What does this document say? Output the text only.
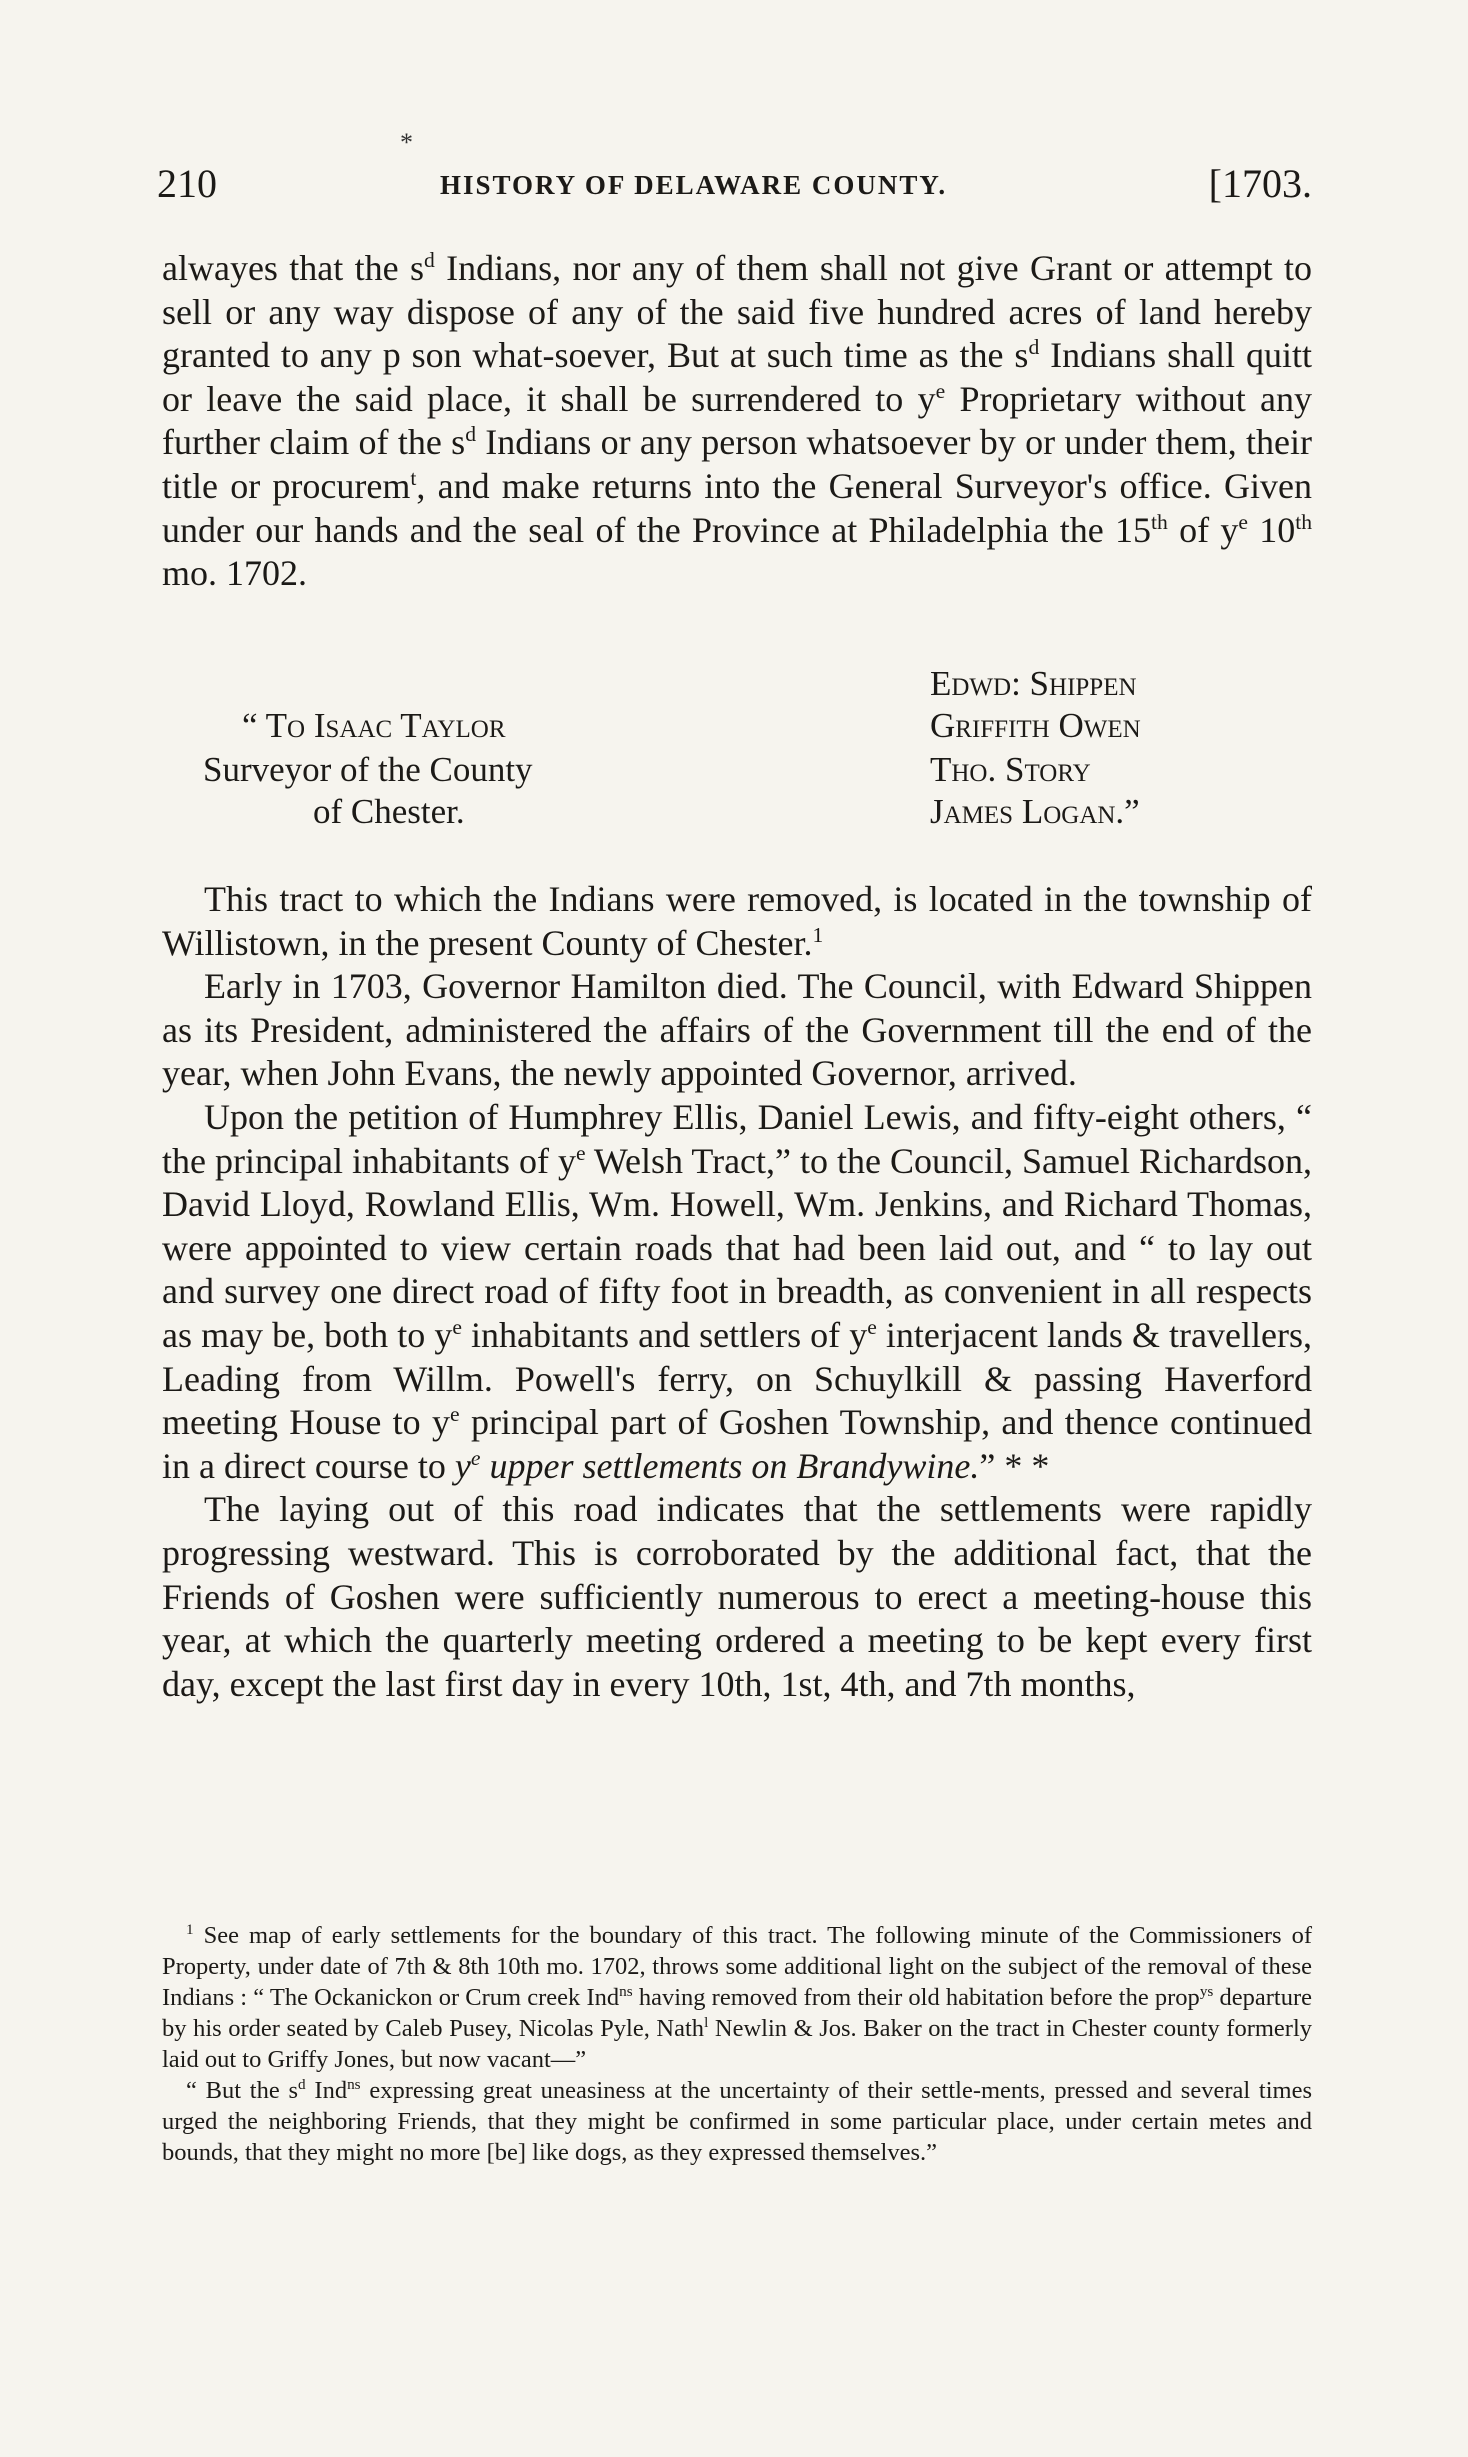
*
210	HISTORY OF DELAWARE COUNTY.	[1703.

alwayes that the $s^d$ Indians, nor any of them shall not give Grant or attempt to sell or any way dispose of any of the said five hundred acres of land hereby granted to any p son what-soever, But at such time as the $s^d$ Indians shall quitt or leave the said place, it shall be surrendered to $y^e$ Proprietary without any further claim of the $s^d$ Indians or any person whatsoever by or under them, their title or procurem$^t$, and make returns into the General Surveyor's office. Given under our hands and the seal of the Province at Philadelphia the 15th of $y^e$ 10th mo. 1702.

“ To Isaac Taylor
Surveyor of the County
of Chester.
Edwd: Shippen
Griffith Owen
Tho. Story
James Logan.”

This tract to which the Indians were removed, is located in the township of Willistown, in the present County of Chester.$^1$

Early in 1703, Governor Hamilton died. The Council, with Edward Shippen as its President, administered the affairs of the Government till the end of the year, when John Evans, the newly appointed Governor, arrived.

Upon the petition of Humphrey Ellis, Daniel Lewis, and fifty-eight others, “ the principal inhabitants of $y^e$ Welsh Tract,” to the Council, Samuel Richardson, David Lloyd, Rowland Ellis, Wm. Howell, Wm. Jenkins, and Richard Thomas, were appointed to view certain roads that had been laid out, and “ to lay out and survey one direct road of fifty foot in breadth, as convenient in all respects as may be, both to $y^e$ inhabitants and settlers of $y^e$ interjacent lands & travellers, Leading from Willm. Powell's ferry, on Schuylkill & passing Haverford meeting House to $y^e$ principal part of Goshen Township, and thence continued in a direct course to $y^e$ upper settlements on Brandywine.” * *

The laying out of this road indicates that the settlements were rapidly progressing westward. This is corroborated by the additional fact, that the Friends of Goshen were sufficiently numerous to erect a meeting-house this year, at which the quarterly meeting ordered a meeting to be kept every first day, except the last first day in every 10th, 1st, 4th, and 7th months,

$^1$ See map of early settlements for the boundary of this tract. The following minute of the Commissioners of Property, under date of 7th & 8th 10th mo. 1702, throws some additional light on the subject of the removal of these Indians : “ The Ockanickon or Crum creek Ind$^{ns}$ having removed from their old habitation before the prop$^{ys}$ departure by his order seated by Caleb Pusey, Nicolas Pyle, Nath$^l$ Newlin & Jos. Baker on the tract in Chester county formerly laid out to Griffy Jones, but now vacant—”

“ But the $s^d$ Ind$^{ns}$ expressing great uneasiness at the uncertainty of their settle-ments, pressed and several times urged the neighboring Friends, that they might be confirmed in some particular place, under certain metes and bounds, that they might no more [be] like dogs, as they expressed themselves.”
